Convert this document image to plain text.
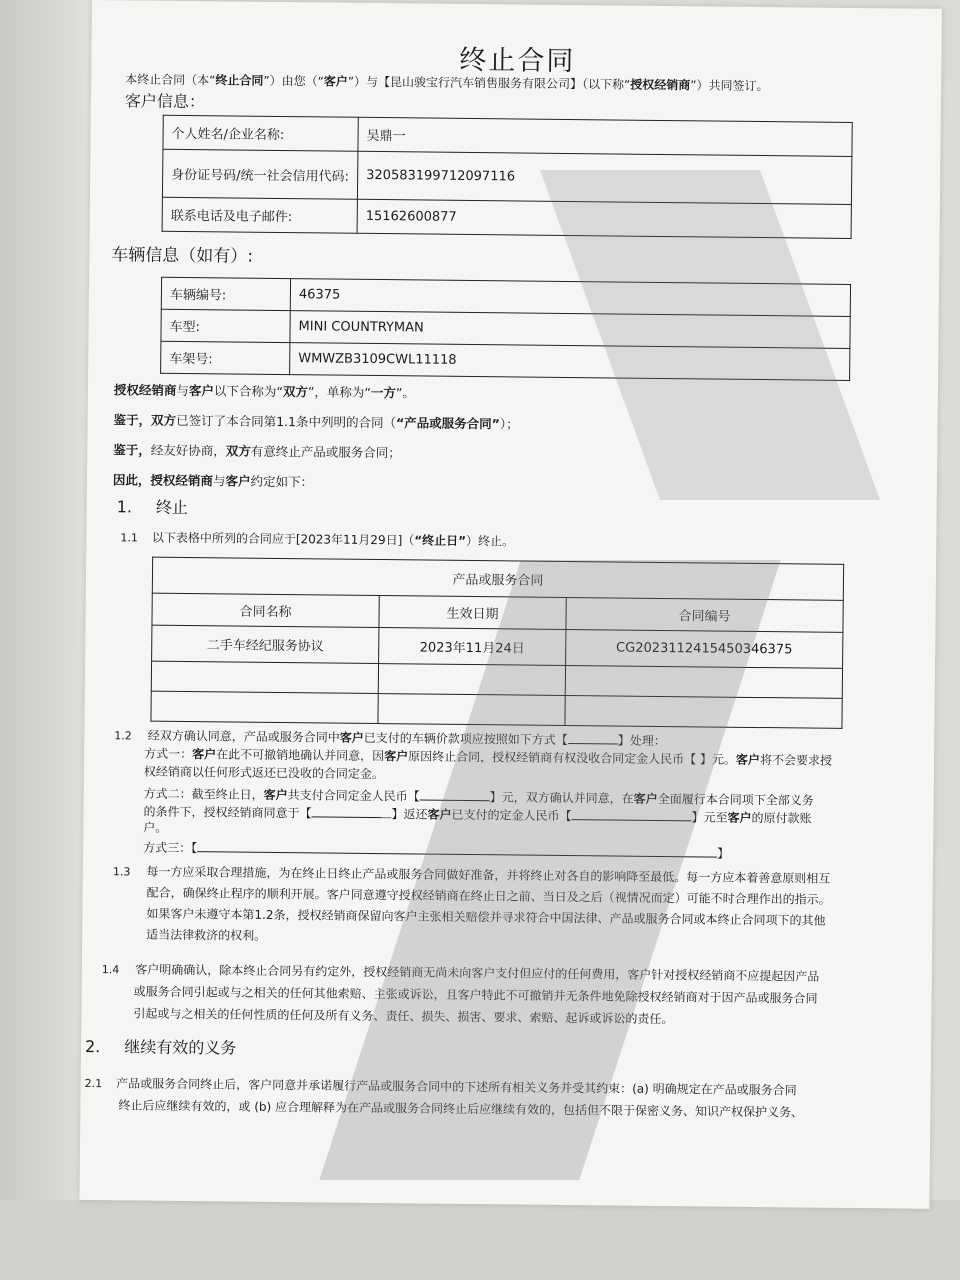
终止合同
本终止合同（本“终止合同”）由您（“客户”）与【昆山骏宝行汽车销售服务有限公司】（以下称“授权经销商”）共同签订。
客户信息：
个人姓名/企业名称:	吴鼎一
身份证号码/统一社会信用代码:	320583199712097116
联系电话及电子邮件:	15162600877
车辆信息（如有）:
车辆编号:	46375
车型:	MINI COUNTRYMAN
车架号:	WMWZB3109CWL11118
授权经销商与客户以下合称为“双方”，单称为“一方”。
鉴于，双方已签订了本合同第1.1条中列明的合同（“产品或服务合同”）；
鉴于，经友好协商，双方有意终止产品或服务合同；
因此，授权经销商与客户约定如下：
1. 终止
1.1 以下表格中所列的合同应于[2023年11月29日]（“终止日”）终止。
产品或服务合同		
合同名称	生效日期	合同编号
二手车经纪服务协议	2023年11月24日	CG2023112415450346375

1.2 经双方确认同意，产品或服务合同中客户已支付的车辆价款项应按照如下方式【	】处理：
方式一：客户在此不可撤销地确认并同意，因客户原因终止合同，授权经销商有权没收合同定金人民币【 】元。客户将不会要求授
权经销商以任何形式返还已没收的合同定金。
方式二：截至终止日，客户共支付合同定金人民币【	】元，双方确认并同意，在客户全面履行本合同项下全部义务
的条件下，授权经销商同意于【	】返还客户已支付的定金人民币【	】元至客户的原付款账
户。
方式三：【	】
1.3 每一方应采取合理措施，为在终止日终止产品或服务合同做好准备，并将终止对各自的影响降至最低。每一方应本着善意原则相互
配合，确保终止程序的顺利开展。客户同意遵守授权经销商在终止日之前、当日及之后（视情况而定）可能不时合理作出的指示。
如果客户未遵守本第1.2条，授权经销商保留向客户主张相关赔偿并寻求符合中国法律、产品或服务合同或本终止合同项下的其他
适当法律救济的权利。
1.4 客户明确确认，除本终止合同另有约定外，授权经销商无尚未向客户支付但应付的任何费用，客户针对授权经销商不应提起因产品
或服务合同引起或与之相关的任何其他索赔、主张或诉讼，且客户特此不可撤销并无条件地免除授权经销商对于因产品或服务合同
引起或与之相关的任何性质的任何及所有义务、责任、损失、损害、要求、索赔、起诉或诉讼的责任。
2. 继续有效的义务
2.1 产品或服务合同终止后，客户同意并承诺履行产品或服务合同中的下述所有相关义务并受其约束：(a) 明确规定在产品或服务合同
终止后应继续有效的，或 (b) 应合理解释为在产品或服务合同终止后应继续有效的，包括但不限于保密义务、知识产权保护义务、
